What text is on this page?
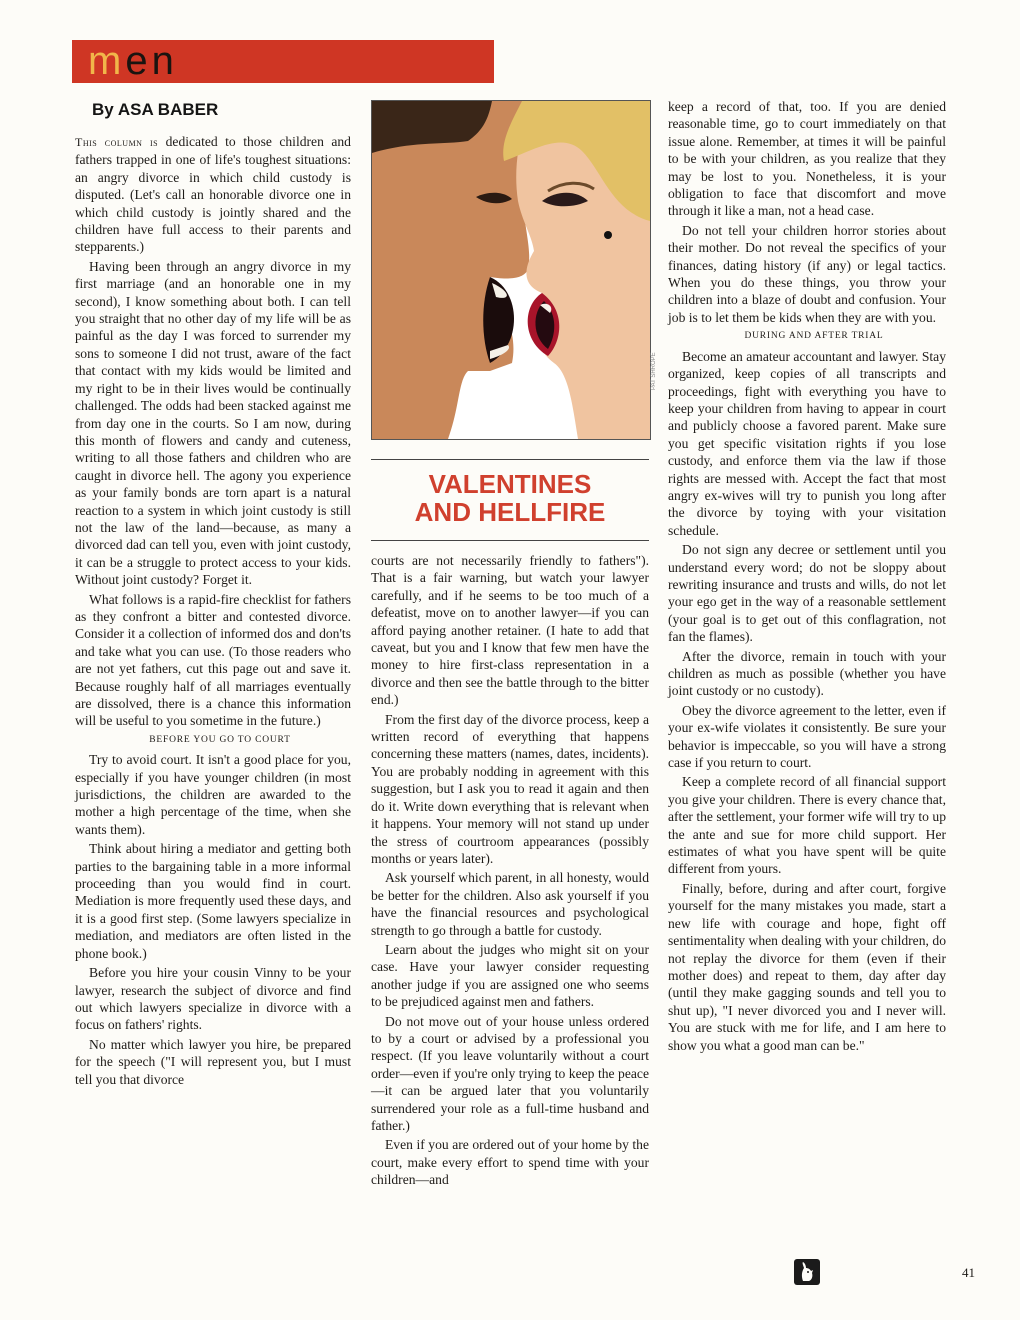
men
By ASA BABER

This column is dedicated to those children and fathers trapped in one of life's toughest situations: an angry divorce in which child custody is disputed. (Let's call an honorable divorce one in which child custody is jointly shared and the children have full access to their parents and stepparents.)

Having been through an angry divorce in my first marriage (and an honorable one in my second), I know something about both. I can tell you straight that no other day of my life will be as painful as the day I was forced to surrender my sons to someone I did not trust, aware of the fact that contact with my kids would be limited and my right to be in their lives would be continually challenged. The odds had been stacked against me from day one in the courts. So I am now, during this month of flowers and candy and cuteness, writing to all those fathers and children who are caught in divorce hell. The agony you experience as your family bonds are torn apart is a natural reaction to a system in which joint custody is still not the law of the land—because, as many a divorced dad can tell you, even with joint custody, it can be a struggle to protect access to your kids. Without joint custody? Forget it.

What follows is a rapid-fire checklist for fathers as they confront a bitter and contested divorce. Consider it a collection of informed dos and don'ts and take what you can use. (To those readers who are not yet fathers, cut this page out and save it. Because roughly half of all marriages eventually are dissolved, there is a chance this information will be useful to you sometime in the future.)

BEFORE YOU GO TO COURT

Try to avoid court. It isn't a good place for you, especially if you have younger children (in most jurisdictions, the children are awarded to the mother a high percentage of the time, when she wants them).

Think about hiring a mediator and getting both parties to the bargaining table in a more informal proceeding than you would find in court. Mediation is more frequently used these days, and it is a good first step. (Some lawyers specialize in mediation, and mediators are often listed in the phone book.)

Before you hire your cousin Vinny to be your lawyer, research the subject of divorce and find out which lawyers specialize in divorce with a focus on fathers' rights.

No matter which lawyer you hire, be prepared for the speech ("I will represent you, but I must tell you that divorce

PAT SHROPE
VALENTINES
AND HELLFIRE

courts are not necessarily friendly to fathers"). That is a fair warning, but watch your lawyer carefully, and if he seems to be too much of a defeatist, move on to another lawyer—if you can afford paying another retainer. (I hate to add that caveat, but you and I know that few men have the money to hire first-class representation in a divorce and then see the battle through to the bitter end.)

From the first day of the divorce process, keep a written record of everything that happens concerning these matters (names, dates, incidents). You are probably nodding in agreement with this suggestion, but I ask you to read it again and then do it. Write down everything that is relevant when it happens. Your memory will not stand up under the stress of courtroom appearances (possibly months or years later).

Ask yourself which parent, in all honesty, would be better for the children. Also ask yourself if you have the financial resources and psychological strength to go through a battle for custody.

Learn about the judges who might sit on your case. Have your lawyer consider requesting another judge if you are assigned one who seems to be prejudiced against men and fathers.

Do not move out of your house unless ordered to by a court or advised by a professional you respect. (If you leave voluntarily without a court order—even if you're only trying to keep the peace—it can be argued later that you voluntarily surrendered your role as a full-time husband and father.)

Even if you are ordered out of your home by the court, make every effort to spend time with your children—and

keep a record of that, too. If you are denied reasonable time, go to court immediately on that issue alone. Remember, at times it will be painful to be with your children, as you realize that they may be lost to you. Nonetheless, it is your obligation to face that discomfort and move through it like a man, not a head case.

Do not tell your children horror stories about their mother. Do not reveal the specifics of your finances, dating history (if any) or legal tactics. When you do these things, you throw your children into a blaze of doubt and confusion. Your job is to let them be kids when they are with you.

DURING AND AFTER TRIAL

Become an amateur accountant and lawyer. Stay organized, keep copies of all transcripts and proceedings, fight with everything you have to keep your children from having to appear in court and publicly choose a favored parent. Make sure you get specific visitation rights if you lose custody, and enforce them via the law if those rights are messed with. Accept the fact that most angry ex-wives will try to punish you long after the divorce by toying with your visitation schedule.

Do not sign any decree or settlement until you understand every word; do not be sloppy about rewriting insurance and trusts and wills, do not let your ego get in the way of a reasonable settlement (your goal is to get out of this conflagration, not fan the flames).

After the divorce, remain in touch with your children as much as possible (whether you have joint custody or no custody).

Obey the divorce agreement to the letter, even if your ex-wife violates it consistently. Be sure your behavior is impeccable, so you will have a strong case if you return to court.

Keep a complete record of all financial support you give your children. There is every chance that, after the settlement, your former wife will try to up the ante and sue for more child support. Her estimates of what you have spent will be quite different from yours.

Finally, before, during and after court, forgive yourself for the many mistakes you made, start a new life with courage and hope, fight off sentimentality when dealing with your children, do not replay the divorce for them (even if their mother does) and repeat to them, day after day (until they make gagging sounds and tell you to shut up), "I never divorced you and I never will. You are stuck with me for life, and I am here to show you what a good man can be."

41
